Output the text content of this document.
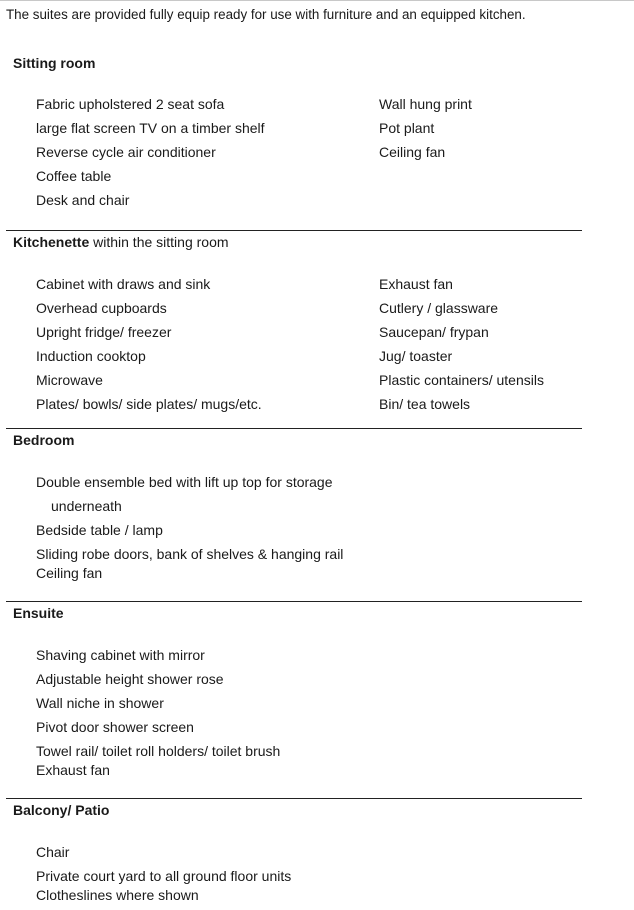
The suites are provided fully equip ready for use with furniture and an equipped kitchen.
Sitting room
Fabric upholstered 2 seat sofa
large flat screen TV on a timber shelf
Reverse cycle air conditioner
Coffee table
Desk and chair
Wall hung print
Pot plant
Ceiling fan
Kitchenette within the sitting room
Cabinet with draws and sink
Overhead cupboards
Upright fridge/ freezer
Induction cooktop
Microwave
Plates/ bowls/ side plates/ mugs/etc.
Exhaust fan
Cutlery / glassware
Saucepan/ frypan
Jug/ toaster
Plastic containers/ utensils
Bin/ tea towels
Bedroom
Double ensemble bed with lift up top for storage
underneath
Bedside table / lamp
Sliding robe doors, bank of shelves & hanging rail
Ceiling fan
Ensuite
Shaving cabinet with mirror
Adjustable height shower rose
Wall niche in shower
Pivot door shower screen
Towel rail/ toilet roll holders/ toilet brush
Exhaust fan
Balcony/ Patio
Chair
Private court yard to all ground floor units
Clotheslines where shown
